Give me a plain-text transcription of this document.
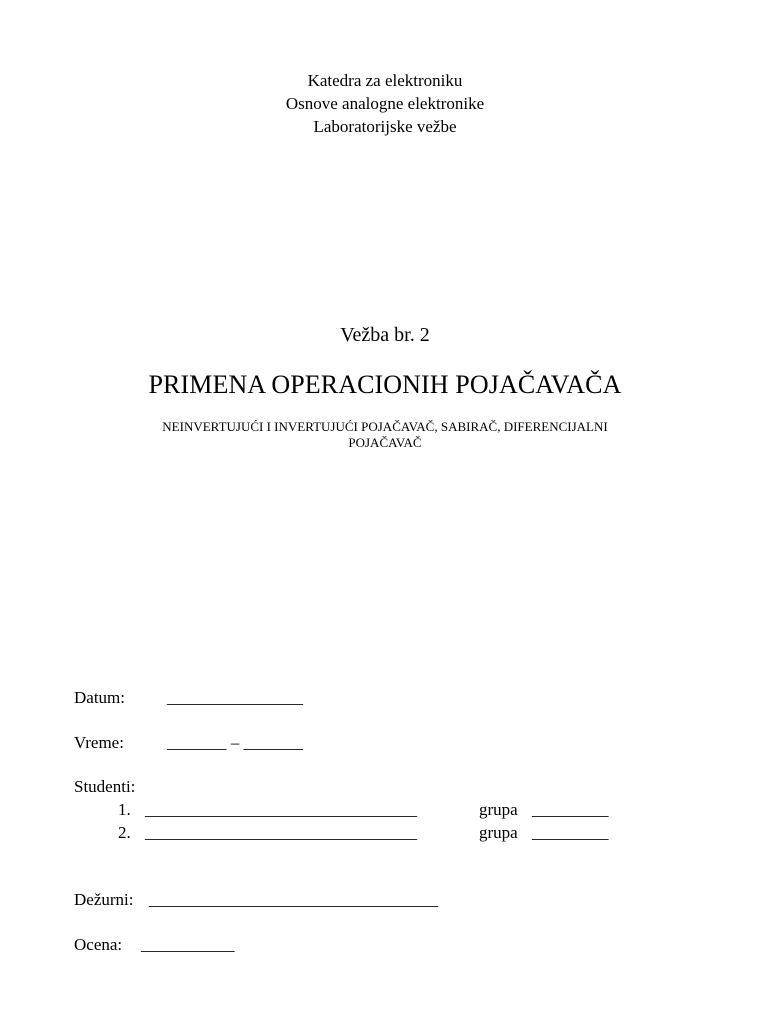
Katedra za elektroniku
Osnove analogne elektronike
Laboratorijske vežbe
Vežba br. 2
PRIMENA OPERACIONIH POJAČAVAČA
NEINVERTUJUĆI I INVERTUJUĆI POJAČAVAČ, SABIRAČ, DIFERENCIJALNI
POJAČAVAČ
Datum: ________________
Vreme:	_______ – _______
Studenti:
1. ________________________________	grupa _________
2. ________________________________	grupa _________
Dežurni: __________________________________
Ocena: ___________
